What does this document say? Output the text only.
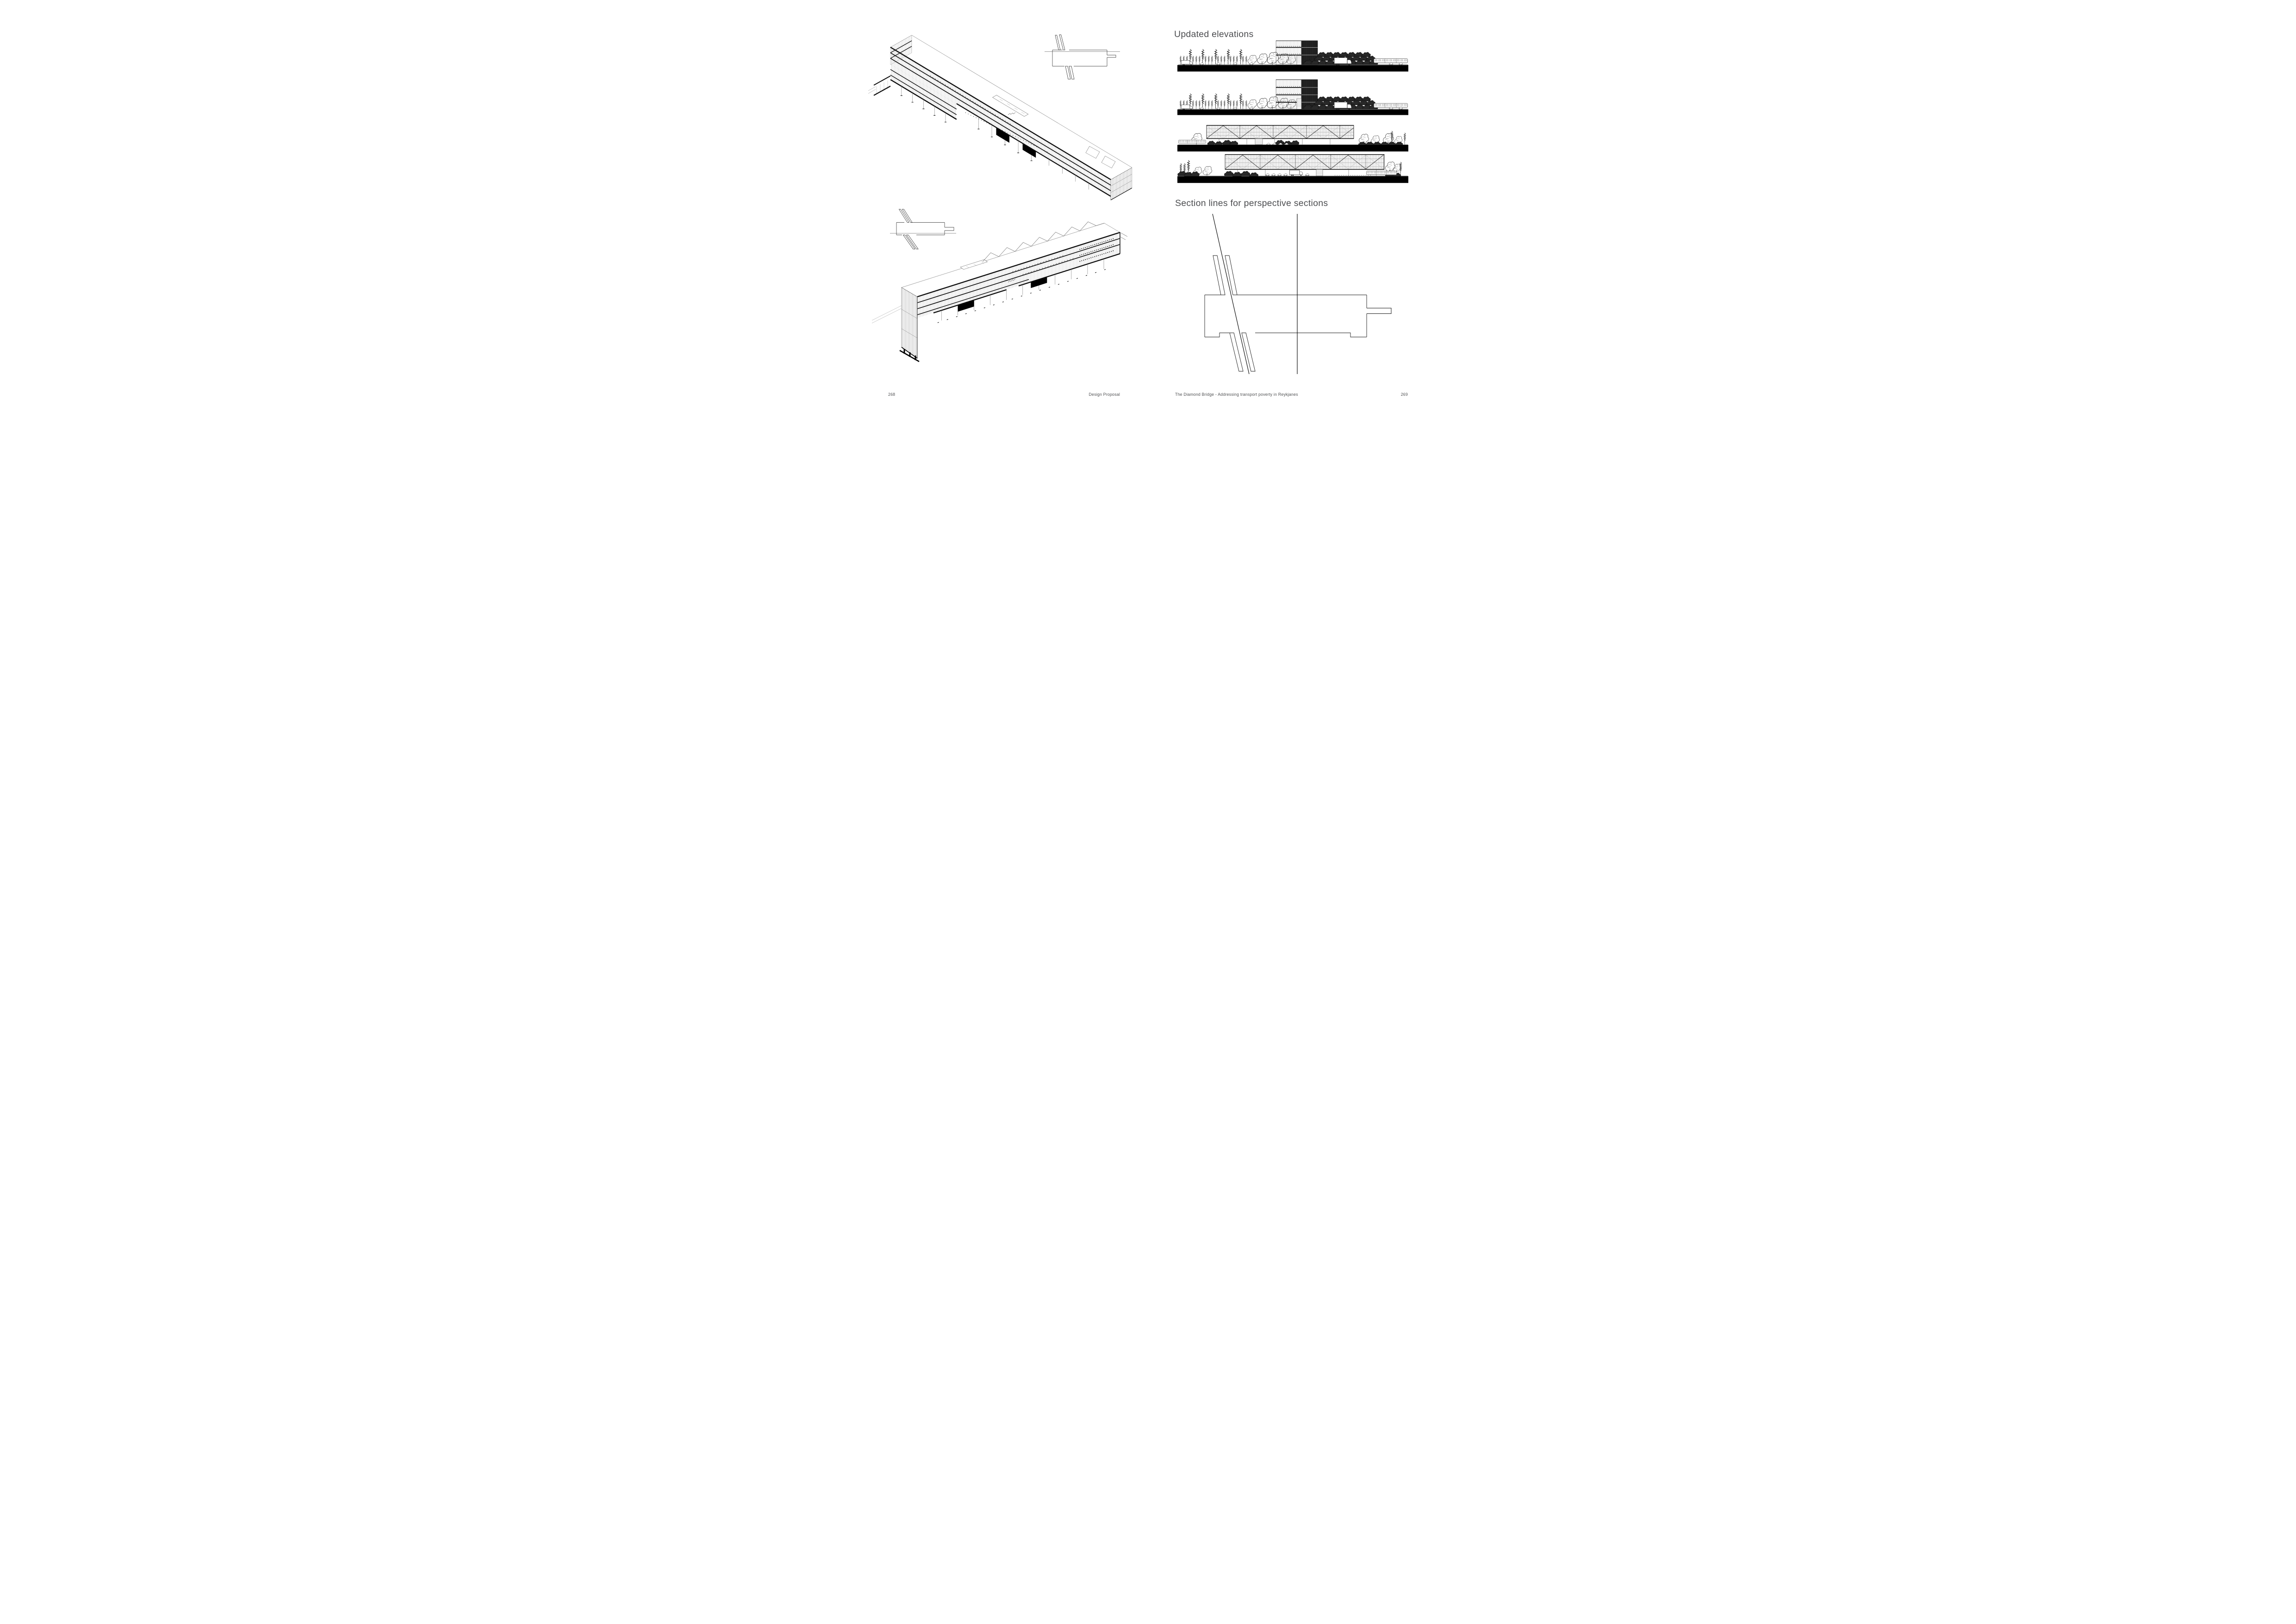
268	Design Proposal
Updated elevations
Section lines for perspective sections
The Diamond Bridge - Addressing transport poverty in Reykjanes	269
